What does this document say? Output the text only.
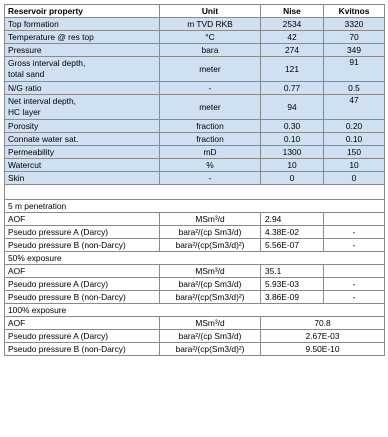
Reservoir property	Unit	Nise	Kvitnos
Top formation	m TVD RKB	2534	3320
Temperature @ res top	°C	42	70
Pressure	bara	274	349
Gross interval depth,
total sand	meter	121	91
N/G ratio	-	0.77	0.5
Net interval depth,
HC layer	meter	94	47
Porosity	fraction	0.30	0.20
Connate water sat.	fraction	0.10	0.10
Permeability	mD	1300	150
Watercut	%	10	10
Skin	-	0	0

5 m penetration			
AOF	MSm³/d	2.94	
Pseudo pressure A (Darcy)	bara²/(cp Sm3/d)	4.38E-02	-
Pseudo pressure B (non-Darcy)	bara²/(cp(Sm3/d)²)	5.56E-07	-
50% exposure			
AOF	MSm³/d	35.1	
Pseudo pressure A (Darcy)	bara²/(cp Sm3/d)	5.93E-03	-
Pseudo pressure B (non-Darcy)	bara²/(cp(Sm3/d)²)	3.86E-09	-
100% exposure			
AOF	MSm³/d	70.8	
Pseudo pressure A (Darcy)	bara²/(cp Sm3/d)	2.67E-03	
Pseudo pressure B (non-Darcy)	bara²/(cp(Sm3/d)²)	9.50E-10	
